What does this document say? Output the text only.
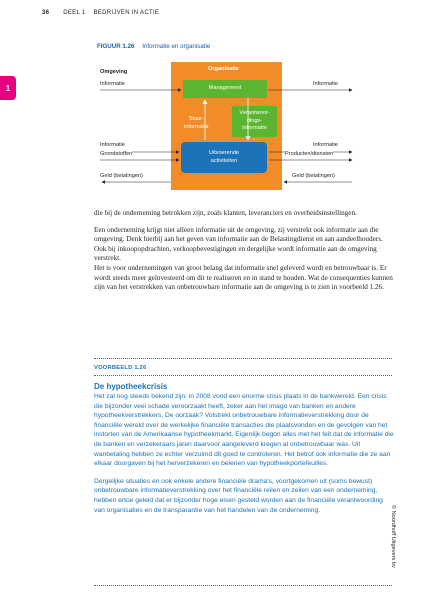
36 DEEL 1 BEDRIJVEN IN ACTIE
1
FIGUUR 1.26 Informatie en organisatie
Organisatie
Management
Verantwoor-
dings-
informatie
Stuur-
informatie
Uitvoerende
activiteiten
Omgeving
Informatie	Informatie
Informatie	Informatie
Grondstoffen	Producten/diensten
Geld (betalingen)	Geld (betalingen)

die bij de onderneming betrokken zijn, zoals klanten, leveranciers en overheidsinstellingen.

Een onderneming krijgt niet alleen informatie uit de omgeving, zij verstrekt ook informatie aan die omgeving. Denk hierbij aan het geven van informatie aan de Belastingdienst en aan aandeelhouders. Ook bij inkoopopdrachten, verkoopbevestigingen en dergelijke wordt informatie aan de omgeving verstrekt.

Het is voor ondernemingen van groot belang dat informatie snel geleverd wordt en betrouwbaar is. Er wordt steeds meer geïnvesteerd om dit te realiseren en in stand te houden. Wat de consequenties kunnen zijn van het verstrekken van onbetrouwbare informatie aan de omgeving is te zien in voorbeeld 1.26.

VOORBEELD 1.26
De hypotheekcrisis

Het zal nog steeds bekend zijn: in 2008 vond een enorme crisis plaats in de bankwereld. Een crisis die bijzonder veel schade veroorzaakt heeft, zeker aan het imago van banken en andere hypotheekverstrekkers. De oorzaak? Volstrekt onbetrouwbare informatieverstrekking door de financiële wereld over de werkelijke financiële transacties die plaatsvonden en de gevolgen van het instorten van de Amerikaanse hypotheekmarkt. Eigenlijk begon alles met het feit dat de informatie die de banken en verzekeraars jaren daarvoor aangeleverd kregen al onbetrouwbaar was. Uit wanbetaling hebben ze echter verzuimd dit goed te controleren. Het betrof ook informatie die ze aan elkaar doorgaven bij het herverzekeren en belenen van hypotheekportefeuilles.

Dergelijke situaties en ook enkele andere financiële drama's, voortgekomen uit (soms bewust) onbetrouwbare informatieverstrekking over het financiële reilen en zeilen van een onderneming, hebben ertoe geleid dat er bijzonder hoge eisen gesteld worden aan de financiële verantwoording van organisaties en de transparantie van het handelen van de onderneming.	© Noordhoff Uitgevers bv
